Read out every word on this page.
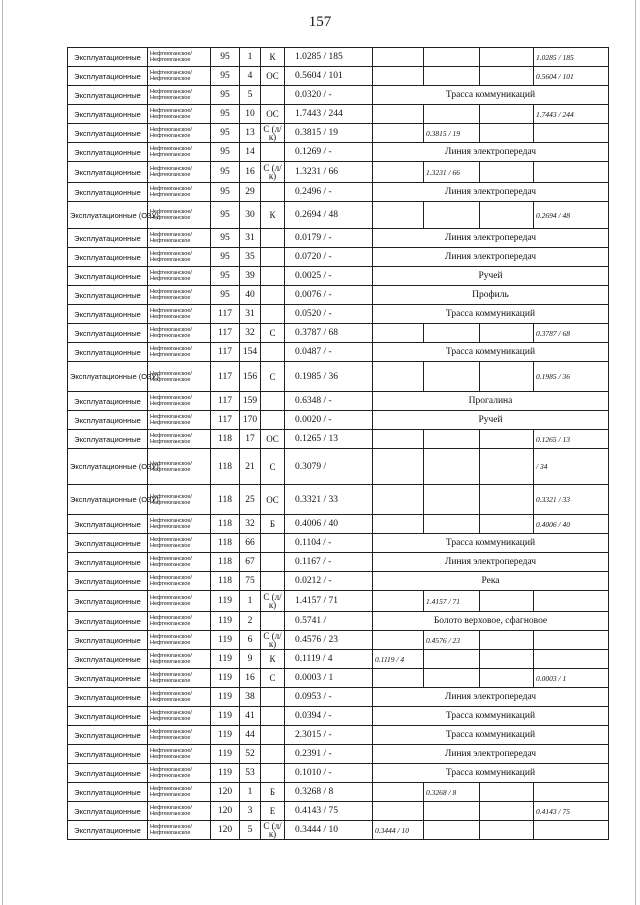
157
Эксплуатационные	Нефтеюганское/ Нефтеюганское	95	1	К	1.0285 / 185				1.0285 / 185
Эксплуатационные	Нефтеюганское/ Нефтеюганское	95	4	ОС	0.5604 / 101				0.5604 / 101
Эксплуатационные	Нефтеюганское/ Нефтеюганское	95	5		0.0320 / -	Трасса коммуникаций			
Эксплуатационные	Нефтеюганское/ Нефтеюганское	95	10	ОС	1.7443 / 244				1.7443 / 244
Эксплуатационные	Нефтеюганское/ Нефтеюганское	95	13	С (л/к)	0.3815 / 19		0.3815 / 19		
Эксплуатационные	Нефтеюганское/ Нефтеюганское	95	14		0.1269 / -	Линия электропередач			
Эксплуатационные	Нефтеюганское/ Нефтеюганское	95	16	С (л/к)	1.3231 / 66		1.3231 / 66		
Эксплуатационные	Нефтеюганское/ Нефтеюганское	95	29		0.2496 / -	Линия электропередач			
Эксплуатационные (ОЗУ)	Нефтеюганское/ Нефтеюганское	95	30	К	0.2694 / 48				0.2694 / 48
Эксплуатационные	Нефтеюганское/ Нефтеюганское	95	31		0.0179 / -	Линия электропередач			
Эксплуатационные	Нефтеюганское/ Нефтеюганское	95	35		0.0720 / -	Линия электропередач			
Эксплуатационные	Нефтеюганское/ Нефтеюганское	95	39		0.0025 / -	Ручей			
Эксплуатационные	Нефтеюганское/ Нефтеюганское	95	40		0.0076 / -	Профиль			
Эксплуатационные	Нефтеюганское/ Нефтеюганское	117	31		0.0520 / -	Трасса коммуникаций			
Эксплуатационные	Нефтеюганское/ Нефтеюганское	117	32	С	0.3787 / 68				0.3787 / 68
Эксплуатационные	Нефтеюганское/ Нефтеюганское	117	154		0.0487 / -	Трасса коммуникаций			
Эксплуатационные (ОЗУ)	Нефтеюганское/ Нефтеюганское	117	156	С	0.1985 / 36				0.1985 / 36
Эксплуатационные	Нефтеюганское/ Нефтеюганское	117	159		0.6348 / -	Прогалина			
Эксплуатационные	Нефтеюганское/ Нефтеюганское	117	170		0.0020 / -	Ручей			
Эксплуатационные	Нефтеюганское/ Нефтеюганское	118	17	ОС	0.1265 / 13				0.1265 / 13
Эксплуатационные (ОЗУ)	Нефтеюганское/ Нефтеюганское	118	21	С	0.3079 /				/ 34
Эксплуатационные (ОЗУ)	Нефтеюганское/ Нефтеюганское	118	25	ОС	0.3321 / 33				0.3321 / 33
Эксплуатационные	Нефтеюганское/ Нефтеюганское	118	32	Б	0.4006 / 40				0.4006 / 40
Эксплуатационные	Нефтеюганское/ Нефтеюганское	118	66		0.1104 / -	Трасса коммуникаций			
Эксплуатационные	Нефтеюганское/ Нефтеюганское	118	67		0.1167 / -	Линия электропередач			
Эксплуатационные	Нефтеюганское/ Нефтеюганское	118	75		0.0212 / -	Река			
Эксплуатационные	Нефтеюганское/ Нефтеюганское	119	1	С (л/к)	1.4157 / 71		1.4157 / 71		
Эксплуатационные	Нефтеюганское/ Нефтеюганское	119	2		0.5741 /	Болото верховое, сфагновое			
Эксплуатационные	Нефтеюганское/ Нефтеюганское	119	6	С (л/к)	0.4576 / 23		0.4576 / 23		
Эксплуатационные	Нефтеюганское/ Нефтеюганское	119	9	К	0.1119 / 4	0.1119 / 4			
Эксплуатационные	Нефтеюганское/ Нефтеюганское	119	16	С	0.0003 / 1				0.0003 / 1
Эксплуатационные	Нефтеюганское/ Нефтеюганское	119	38		0.0953 / -	Линия электропередач			
Эксплуатационные	Нефтеюганское/ Нефтеюганское	119	41		0.0394 / -	Трасса коммуникаций			
Эксплуатационные	Нефтеюганское/ Нефтеюганское	119	44		2.3015 / -	Трасса коммуникаций			
Эксплуатационные	Нефтеюганское/ Нефтеюганское	119	52		0.2391 / -	Линия электропередач			
Эксплуатационные	Нефтеюганское/ Нефтеюганское	119	53		0.1010 / -	Трасса коммуникаций			
Эксплуатационные	Нефтеюганское/ Нефтеюганское	120	1	Б	0.3268 / 8		0.3268 / 8		
Эксплуатационные	Нефтеюганское/ Нефтеюганское	120	3	Е	0.4143 / 75				0.4143 / 75
Эксплуатационные	Нефтеюганское/ Нефтеюганское	120	5	С (л/к)	0.3444 / 10	0.3444 / 10			
